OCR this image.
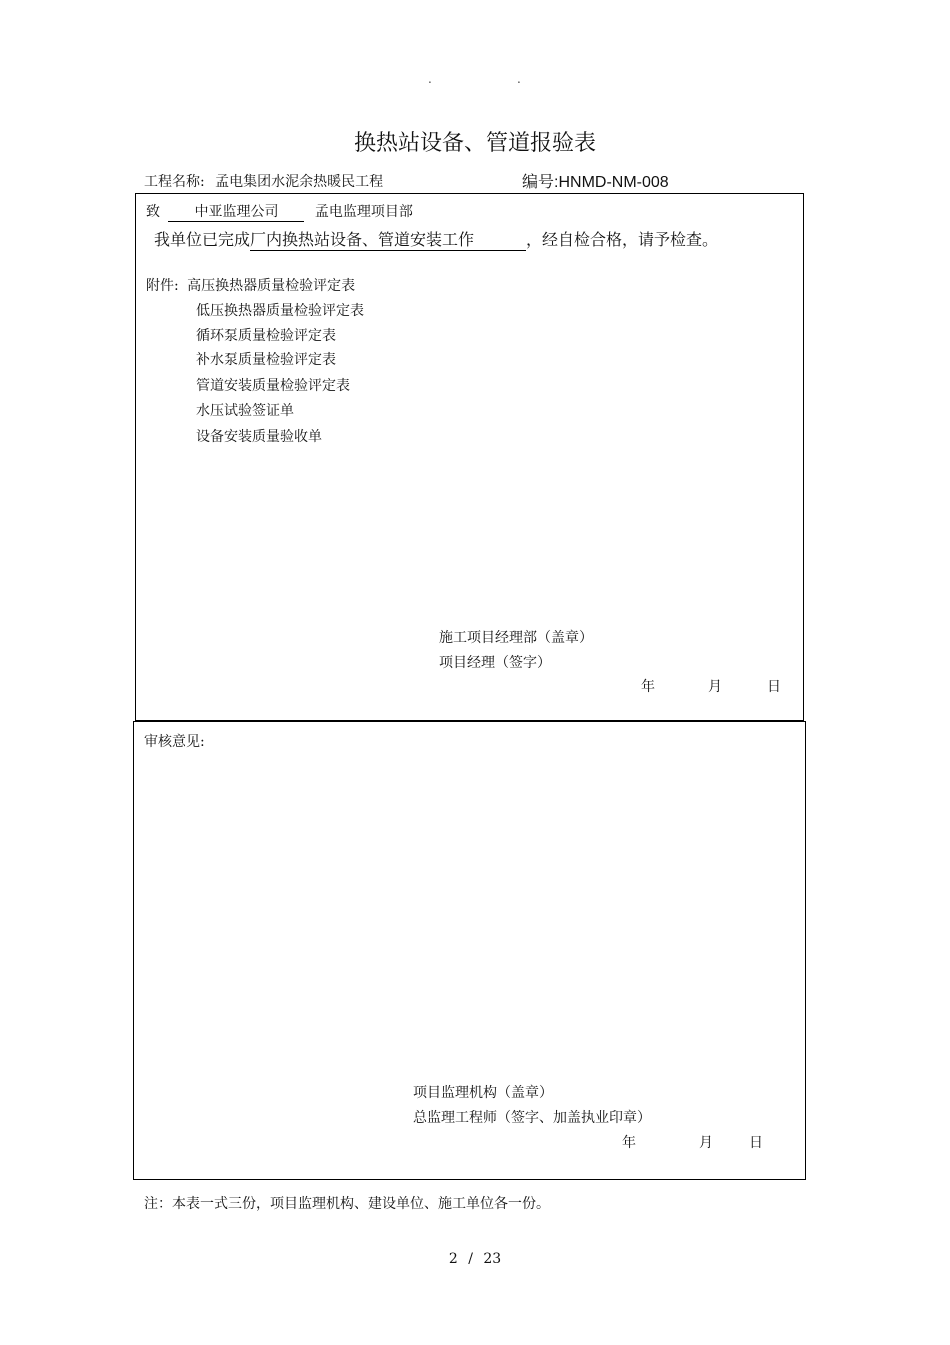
.	.
换热站设备、管道报验表
工程名称: 孟电集团水泥余热暖民工程	编号:HNMD-NM-008
致 中亚监理公司	孟电监理项目部
我单位已完成厂内换热站设备、管道安装工作	，经自检合格，请予检查。
附件: 高压换热器质量检验评定表
低压换热器质量检验评定表
循环泵质量检验评定表
补水泵质量检验评定表
管道安装质量检验评定表
水压试验签证单
设备安装质量验收单
施工项目经理部（盖章）
项目经理（签字）
年	月	日
审核意见:
项目监理机构（盖章）
总监理工程师（签字、加盖执业印章）
年	月	日
注：本表一式三份，项目监理机构、建设单位、施工单位各一份。
2 / 23
